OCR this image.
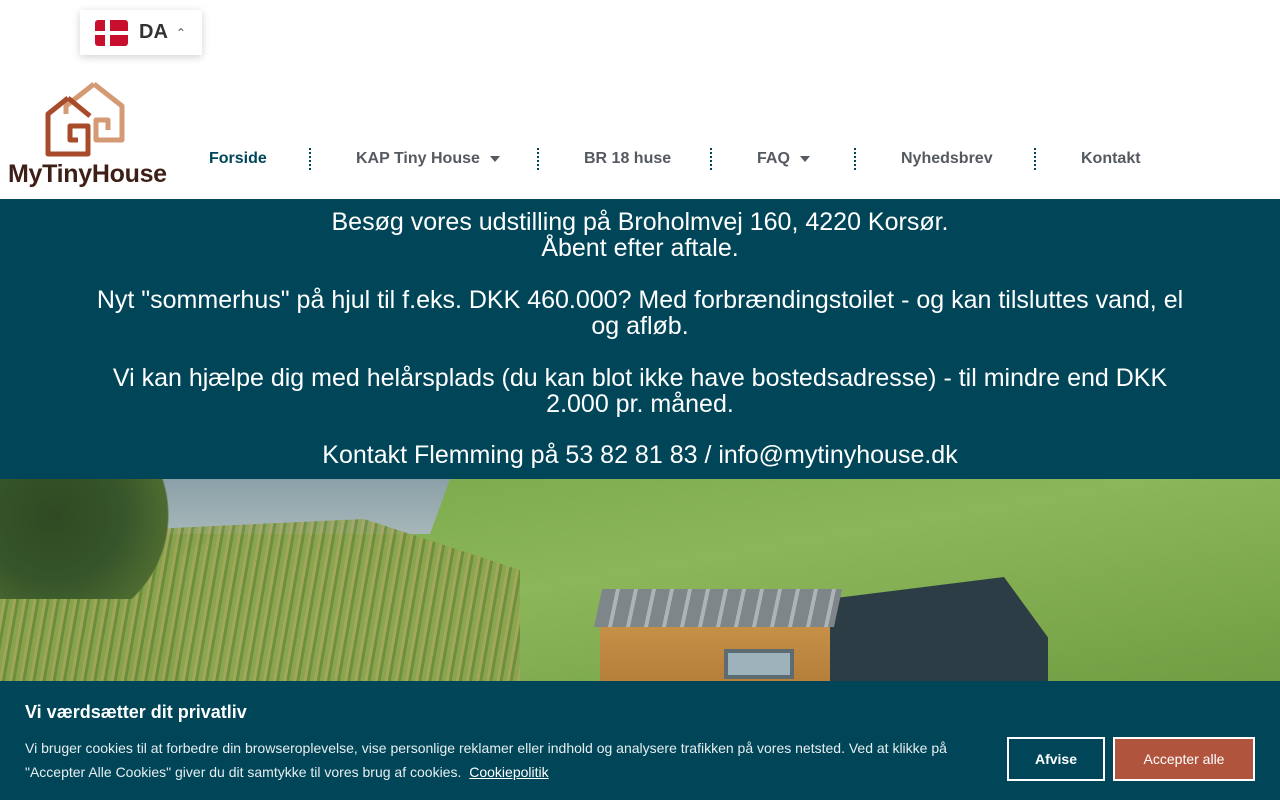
DA ⌃
MyTinyHouse
Forside	KAP Tiny House	BR 18 huse	FAQ	Nyhedsbrev	Kontakt

Besøg vores udstilling på Broholmvej 160, 4220 Korsør.

Åbent efter aftale.

Nyt "sommerhus" på hjul til f.eks. DKK 460.000? Med forbrændingstoilet - og kan tilsluttes vand, el og afløb.

Vi kan hjælpe dig med helårsplads (du kan blot ikke have bostedsadresse) - til mindre end DKK 2.000 pr. måned.

Kontakt Flemming på 53 82 81 83 / info@mytinyhouse.dk

Vi værdsætter dit privatliv
Vi bruger cookies til at forbedre din browseroplevelse, vise personlige reklamer eller indhold og analysere trafikken på vores netsted. Ved at klikke på "Accepter Alle Cookies" giver du dit samtykke til vores brug af cookies. Cookiepolitik
Afvise	Accepter alle
